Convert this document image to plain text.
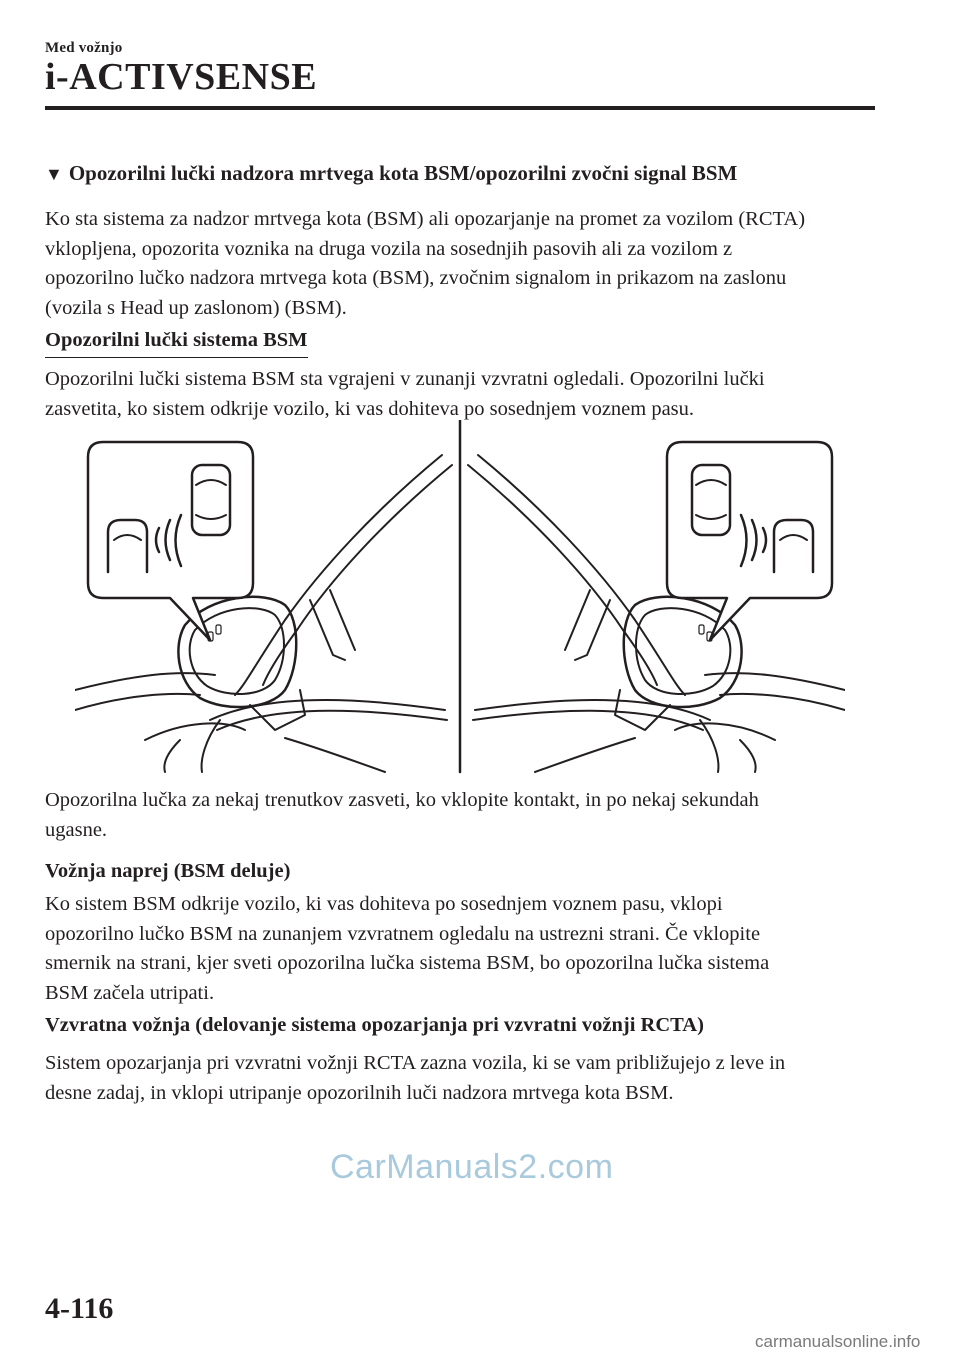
Med vožnjo
i-ACTIVSENSE
▼ Opozorilni lučki nadzora mrtvega kota BSM/opozorilni zvočni signal BSM
Ko sta sistema za nadzor mrtvega kota (BSM) ali opozarjanje na promet za vozilom (RCTA)
vklopljena, opozorita voznika na druga vozila na sosednjih pasovih ali za vozilom z
opozorilno lučko nadzora mrtvega kota (BSM), zvočnim signalom in prikazom na zaslonu
(vozila s Head up zaslonom) (BSM).
Opozorilni lučki sistema BSM
Opozorilni lučki sistema BSM sta vgrajeni v zunanji vzvratni ogledali. Opozorilni lučki
zasvetita, ko sistem odkrije vozilo, ki vas dohiteva po sosednjem voznem pasu.
Opozorilna lučka za nekaj trenutkov zasveti, ko vklopite kontakt, in po nekaj sekundah
ugasne.
Vožnja naprej (BSM deluje)
Ko sistem BSM odkrije vozilo, ki vas dohiteva po sosednjem voznem pasu, vklopi
opozorilno lučko BSM na zunanjem vzvratnem ogledalu na ustrezni strani. Če vklopite
smernik na strani, kjer sveti opozorilna lučka sistema BSM, bo opozorilna lučka sistema
BSM začela utripati.
Vzvratna vožnja (delovanje sistema opozarjanja pri vzvratni vožnji RCTA)
Sistem opozarjanja pri vzvratni vožnji RCTA zazna vozila, ki se vam približujejo z leve in
desne zadaj, in vklopi utripanje opozorilnih luči nadzora mrtvega kota BSM.
CarManuals2.com
4-116
carmanualsonline.info
